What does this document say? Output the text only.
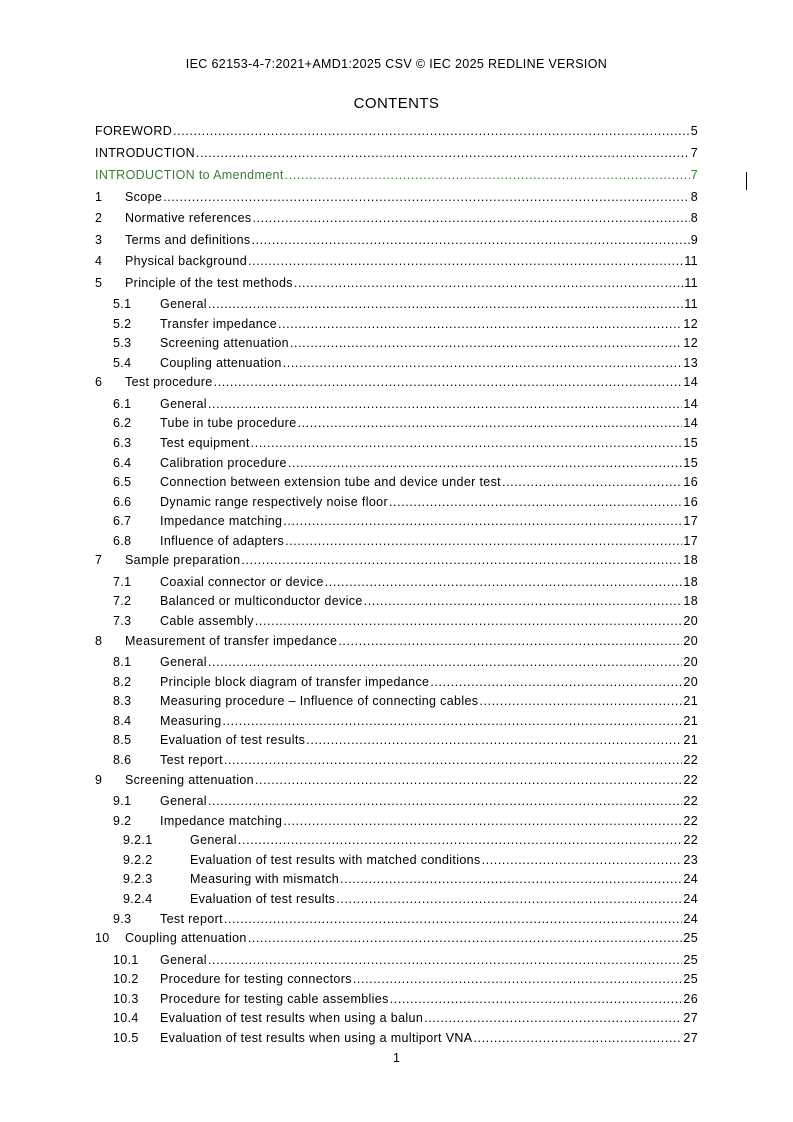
IEC 62153-4-7:2021+AMD1:2025 CSV © IEC 2025 REDLINE VERSION
CONTENTS
FOREWORD .....	5
INTRODUCTION .....	7
INTRODUCTION to Amendment .....	7
1	Scope .....	8
2	Normative references .....	8
3	Terms and definitions .....	9
4	Physical background .....	11
5	Principle of the test methods .....	11
5.1	General .....	11
5.2	Transfer impedance .....	12
5.3	Screening attenuation .....	12
5.4	Coupling attenuation .....	13
6	Test procedure .....	14
6.1	General .....	14
6.2	Tube in tube procedure .....	14
6.3	Test equipment .....	15
6.4	Calibration procedure .....	15
6.5	Connection between extension tube and device under test .....	16
6.6	Dynamic range respectively noise floor .....	16
6.7	Impedance matching .....	17
6.8	Influence of adapters .....	17
7	Sample preparation .....	18
7.1	Coaxial connector or device .....	18
7.2	Balanced or multiconductor device .....	18
7.3	Cable assembly .....	20
8	Measurement of transfer impedance .....	20
8.1	General .....	20
8.2	Principle block diagram of transfer impedance .....	20
8.3	Measuring procedure – Influence of connecting cables .....	21
8.4	Measuring .....	21
8.5	Evaluation of test results .....	21
8.6	Test report .....	22
9	Screening attenuation .....	22
9.1	General .....	22
9.2	Impedance matching .....	22
9.2.1	General .....	22
9.2.2	Evaluation of test results with matched conditions .....	23
9.2.3	Measuring with mismatch .....	24
9.2.4	Evaluation of test results .....	24
9.3	Test report .....	24
10	Coupling attenuation .....	25
10.1	General .....	25
10.2	Procedure for testing connectors .....	25
10.3	Procedure for testing cable assemblies .....	26
10.4	Evaluation of test results when using a balun .....	27
10.5	Evaluation of test results when using a multiport VNA .....	27
1
